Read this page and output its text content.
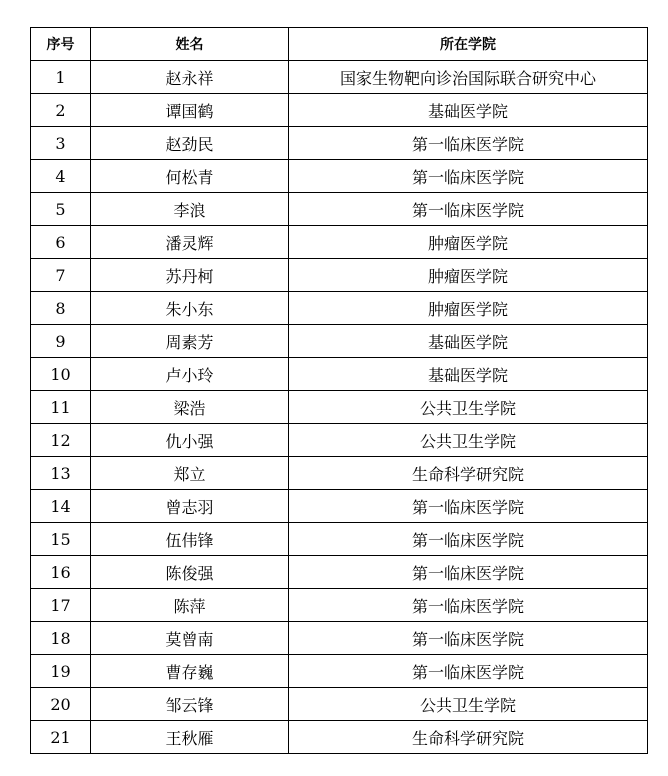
序号	姓名	所在学院
1	赵永祥	国家生物靶向诊治国际联合研究中心
2	谭国鹤	基础医学院
3	赵劲民	第一临床医学院
4	何松青	第一临床医学院
5	李浪	第一临床医学院
6	潘灵辉	肿瘤医学院
7	苏丹柯	肿瘤医学院
8	朱小东	肿瘤医学院
9	周素芳	基础医学院
10	卢小玲	基础医学院
11	梁浩	公共卫生学院
12	仇小强	公共卫生学院
13	郑立	生命科学研究院
14	曾志羽	第一临床医学院
15	伍伟锋	第一临床医学院
16	陈俊强	第一临床医学院
17	陈萍	第一临床医学院
18	莫曾南	第一临床医学院
19	曹存巍	第一临床医学院
20	邹云锋	公共卫生学院
21	王秋雁	生命科学研究院
